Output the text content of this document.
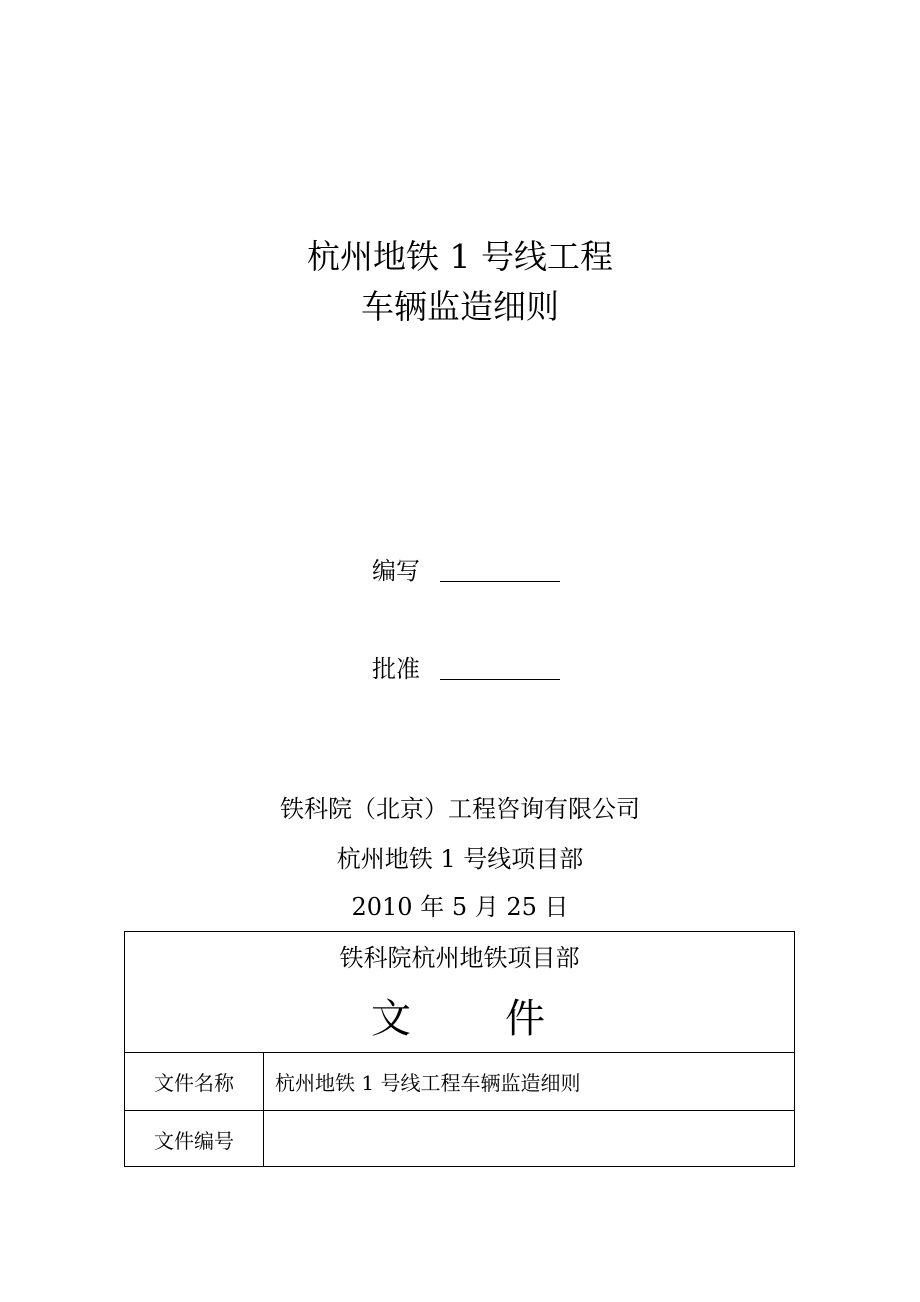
杭州地铁 1 号线工程
车辆监造细则
编写
批准
铁科院（北京）工程咨询有限公司
杭州地铁 1 号线项目部
2010 年 5 月 25 日
铁科院杭州地铁项目部
文 件
文件名称	杭州地铁 1 号线工程车辆监造细则
文件编号
